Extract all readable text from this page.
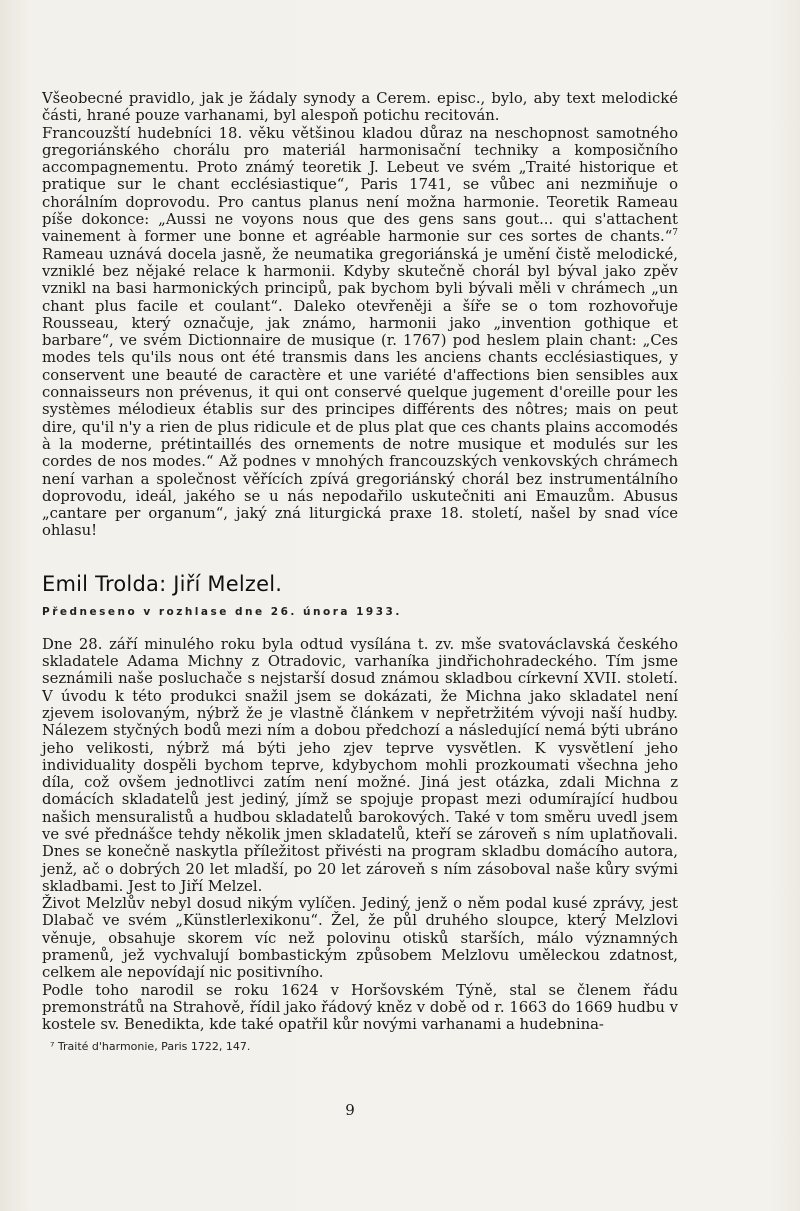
Všeobecné pravidlo, jak je žádaly synody a Cerem. episc., bylo, aby text melodické části, hrané pouze varhanami, byl alespoň potichu recitován.

Francouzští hudebníci 18. věku většinou kladou důraz na neschopnost samotného gregoriánského chorálu pro materiál harmonisační techniky a komposičního accompagnementu. Proto známý teoretik J. Lebeut ve svém „Traité historique et pratique sur le chant ecclésiastique“, Paris 1741, se vůbec ani nezmiňuje o chorálním doprovodu. Pro cantus planus není možna harmonie. Teoretik Rameau píše dokonce: „Aussi ne voyons nous que des gens sans gout... qui s'attachent vainement à former une bonne et agréable harmonie sur ces sortes de chants.“$^7$ Rameau uznává docela jasně, že neumatika gregoriánská je umění čistě melodické, vzniklé bez nějaké relace k harmonii. Kdyby skutečně chorál byl býval jako zpěv vznikl na basi harmonických principů, pak bychom byli bývali měli v chrámech „un chant plus facile et coulant“. Daleko otevřeněji a šíře se o tom rozhovořuje Rousseau, který označuje, jak známo, harmonii jako „invention gothique et barbare“, ve svém Dictionnaire de musique (r. 1767) pod heslem plain chant: „Ces modes tels qu'ils nous ont été transmis dans les anciens chants ecclésiastiques, y conservent une beauté de caractère et une variété d'affections bien sensibles aux connaisseurs non prévenus, it qui ont conservé quelque jugement d'oreille pour les systèmes mélodieux établis sur des principes différents des nôtres; mais on peut dire, qu'il n'y a rien de plus ridicule et de plus plat que ces chants plains accomodés à la moderne, prétintaillés des ornements de notre musique et modulés sur les cordes de nos modes.“ Až podnes v mnohých francouzských venkovských chrámech není varhan a společnost věřících zpívá gregoriánský chorál bez instrumentálního doprovodu, ideál, jakého se u nás nepodařilo uskutečniti ani Emauzům. Abusus „cantare per organum“, jaký zná liturgická praxe 18. století, našel by snad více ohlasu!

Emil Trolda: Jiří Melzel.
Předneseno v rozhlase dne 26. února 1933.

Dne 28. září minulého roku byla odtud vysílána t. zv. mše svatováclavská českého skladatele Adama Michny z Otradovic, varhaníka jindřichohradeckého. Tím jsme seznámili naše posluchače s nejstarší dosud známou skladbou církevní XVII. století. V úvodu k této produkci snažil jsem se dokázati, že Michna jako skladatel není zjevem isolovaným, nýbrž že je vlastně článkem v nepřetržitém vývoji naší hudby. Nálezem styčných bodů mezi ním a dobou předchozí a následující nemá býti ubráno jeho velikosti, nýbrž má býti jeho zjev teprve vysvětlen. K vysvětlení jeho individuality dospěli bychom teprve, kdybychom mohli prozkoumati všechna jeho díla, což ovšem jednotlivci zatím není možné. Jiná jest otázka, zdali Michna z domácích skladatelů jest jediný, jímž se spojuje propast mezi odumírající hudbou našich mensuralistů a hudbou skladatelů barokových. Také v tom směru uvedl jsem ve své přednášce tehdy několik jmen skladatelů, kteří se zároveň s ním uplatňovali. Dnes se konečně naskytla příležitost přivésti na program skladbu domácího autora, jenž, ač o dobrých 20 let mladší, po 20 let zároveň s ním zásoboval naše kůry svými skladbami. Jest to Jiří Melzel.

Život Melzlův nebyl dosud nikým vylíčen. Jediný, jenž o něm podal kusé zprávy, jest Dlabač ve svém „Künstlerlexikonu“. Žel, že půl druhého sloupce, který Melzlovi věnuje, obsahuje skorem víc než polovinu otisků starších, málo významných pramenů, jež vychvalují bombastickým způsobem Melzlovu uměleckou zdatnost, celkem ale nepovídají nic positivního.

Podle toho narodil se roku 1624 v Horšovském Týně, stal se členem řádu premonstrátů na Strahově, řídil jako řádový kněz v době od r. 1663 do 1669 hudbu v kostele sv. Benedikta, kde také opatřil kůr novými varhanami a hudebnina-

⁷ Traité d'harmonie, Paris 1722, 147.
9
